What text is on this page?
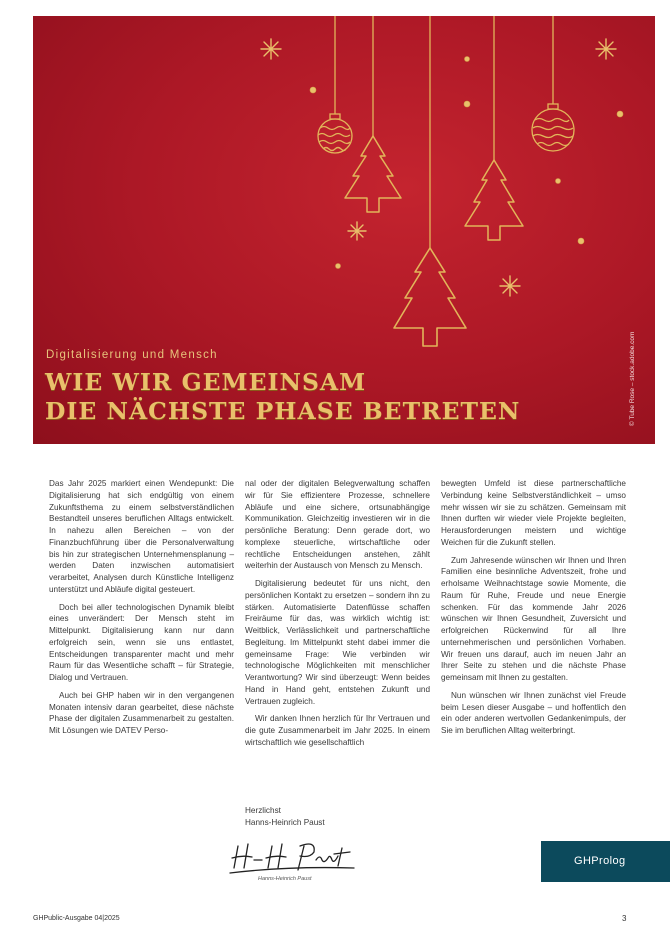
Digitalisierung und Mensch
WIE WIR GEMEINSAM
DIE NÄCHSTE PHASE BETRETEN	© Tube Rose – stock.adobe.com

Das Jahr 2025 markiert einen Wendepunkt: Die Digitalisierung hat sich endgültig von einem Zukunftsthema zu einem selbstverständlichen Bestandteil unseres beruflichen Alltags entwickelt. In nahezu allen Bereichen – von der Finanzbuchführung über die Personalverwaltung bis hin zur strategischen Unternehmensplanung – werden Daten inzwischen automatisiert verarbeitet, Analysen durch Künstliche Intelligenz unterstützt und Abläufe digital gesteuert.

Doch bei aller technologischen Dynamik bleibt eines unverändert: Der Mensch steht im Mittelpunkt. Digitalisierung kann nur dann erfolgreich sein, wenn sie uns entlastet, Entscheidungen transparenter macht und mehr Raum für das Wesentliche schafft – für Strategie, Dialog und Vertrauen.

Auch bei GHP haben wir in den vergangenen Monaten intensiv daran gearbeitet, diese nächste Phase der digitalen Zusammenarbeit zu gestalten. Mit Lösungen wie DATEV Perso-

nal oder der digitalen Belegverwaltung schaffen wir für Sie effizientere Prozesse, schnellere Abläufe und eine sichere, ortsunabhängige Kommunikation. Gleichzeitig investieren wir in die persönliche Beratung: Denn gerade dort, wo komplexe steuerliche, wirtschaftliche oder rechtliche Entscheidungen anstehen, zählt weiterhin der Austausch von Mensch zu Mensch.

Digitalisierung bedeutet für uns nicht, den persönlichen Kontakt zu ersetzen – sondern ihn zu stärken. Automatisierte Datenflüsse schaffen Freiräume für das, was wirklich wichtig ist: Weitblick, Verlässlichkeit und partnerschaftliche Begleitung. Im Mittelpunkt steht dabei immer die gemeinsame Frage: Wie verbinden wir technologische Möglichkeiten mit menschlicher Verantwortung? Wir sind überzeugt: Wenn beides Hand in Hand geht, entstehen Zukunft und Vertrauen zugleich.

Wir danken Ihnen herzlich für Ihr Vertrauen und die gute Zusammenarbeit im Jahr 2025. In einem wirtschaftlich wie gesellschaftlich

bewegten Umfeld ist diese partnerschaftliche Verbindung keine Selbstverständlichkeit – umso mehr wissen wir sie zu schätzen. Gemeinsam mit Ihnen durften wir wieder viele Projekte begleiten, Herausforderungen meistern und wichtige Weichen für die Zukunft stellen.

Zum Jahresende wünschen wir Ihnen und Ihren Familien eine besinnliche Adventszeit, frohe und erholsame Weihnachtstage sowie Momente, die Raum für Ruhe, Freude und neue Energie schenken. Für das kommende Jahr 2026 wünschen wir Ihnen Gesundheit, Zuversicht und erfolgreichen Rückenwind für all Ihre unternehmerischen und persönlichen Vorhaben. Wir freuen uns darauf, auch im neuen Jahr an Ihrer Seite zu stehen und die nächste Phase gemeinsam mit Ihnen zu gestalten.

Nun wünschen wir Ihnen zunächst viel Freude beim Lesen dieser Ausgabe – und hoffentlich den ein oder anderen wertvollen Gedankenimpuls, der Sie im beruflichen Alltag weiterbringt.

Herzlichst
Hanns-Heinrich Paust
Hanns-Heinrich Paust
GHProlog
GHPublic-Ausgabe 04|2025	3
